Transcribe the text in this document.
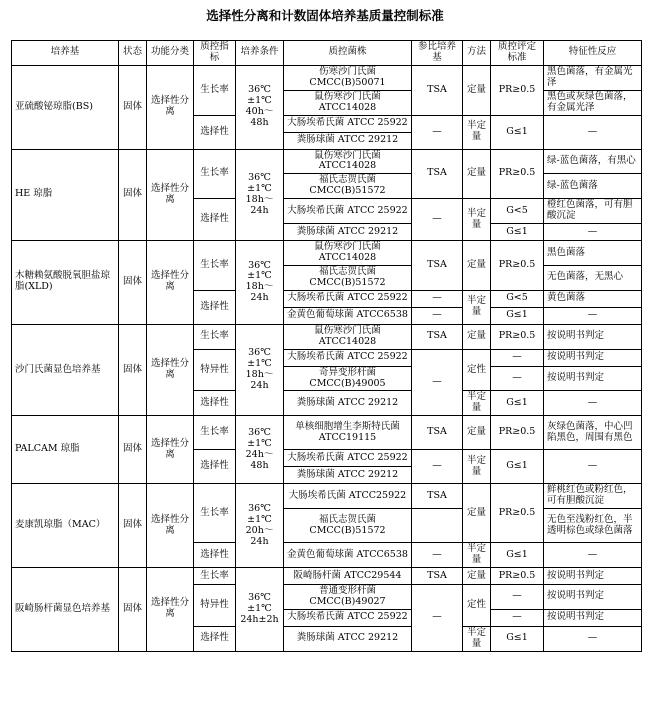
选择性分离和计数固体培养基质量控制标准
培养基	状态	功能分类	质控指标	培养条件	质控菌株	参比培养基	方法	质控评定标准	特征性反应
亚硫酸铋琼脂(BS)	固体	选择性分离	生长率	36℃±1℃ 40h～48h	伤寒沙门氏菌 CMCC(B)50071	TSA	定量	PR≥0.5	黑色菌落，有金属光泽
					鼠伤寒沙门氏菌 ATCC14028				黑色或灰绿色菌落，有金属光泽
			选择性		大肠埃希氏菌 ATCC 25922	—	半定量	G≤1	—
					粪肠球菌 ATCC 29212				
HE 琼脂	固体	选择性分离	生长率	36℃±1℃ 18h～24h	鼠伤寒沙门氏菌 ATCC14028	TSA	定量	PR≥0.5	绿-蓝色菌落，有黑心
					福氏志贺氏菌 CMCC(B)51572				绿-蓝色菌落
			选择性		大肠埃希氏菌 ATCC 25922	—	半定量	G<5	橙红色菌落，可有胆酸沉淀
					粪肠球菌 ATCC 29212			G≤1	—
木糖赖氨酸脱氧胆盐琼脂(XLD)	固体	选择性分离	生长率	36℃±1℃ 18h～24h	鼠伤寒沙门氏菌 ATCC14028	TSA	定量	PR≥0.5	黑色菌落
					福氏志贺氏菌 CMCC(B)51572				无色菌落，无黑心
			选择性		大肠埃希氏菌 ATCC 25922	—	半定量	G<5	黄色菌落
					金黄色葡萄球菌 ATCC6538	—		G≤1	—
沙门氏菌显色培养基	固体	选择性分离	生长率	36℃±1℃ 18h～24h	鼠伤寒沙门氏菌 ATCC14028	TSA	定量	PR≥0.5	按说明书判定
			特异性		大肠埃希氏菌 ATCC 25922	—	定性	—	按说明书判定
					奇异变形杆菌 CMCC(B)49005			—	按说明书判定
			选择性		粪肠球菌 ATCC 29212		半定量	G≤1	—
PALCAM 琼脂	固体	选择性分离	生长率	36℃±1℃ 24h～48h	单核细胞增生李斯特氏菌 ATCC19115	TSA	定量	PR≥0.5	灰绿色菌落，中心凹陷黑色，周围有黑色
			选择性		大肠埃希氏菌 ATCC 25922	—	半定量	G≤1	—
					粪肠球菌 ATCC 29212				
麦康凯琼脂（MAC）	固体	选择性分离	生长率	36℃±1℃ 20h～24h	大肠埃希氏菌 ATCC25922	TSA	定量	PR≥0.5	鲜桃红色或粉红色，可有胆酸沉淀
					福氏志贺氏菌 CMCC(B)51572				无色至浅粉红色，半透明棕色或绿色菌落
			选择性		金黄色葡萄球菌 ATCC6538	—	半定量	G≤1	—
阪崎肠杆菌显色培养基	固体	选择性分离	生长率	36℃±1℃ 24h±2h	阪崎肠杆菌 ATCC29544	TSA	定量	PR≥0.5	按说明书判定
			特异性		普通变形杆菌 CMCC(B)49027	—	定性	—	按说明书判定
					大肠埃希氏菌 ATCC 25922			—	按说明书判定
			选择性		粪肠球菌 ATCC 29212		半定量	G≤1	—
